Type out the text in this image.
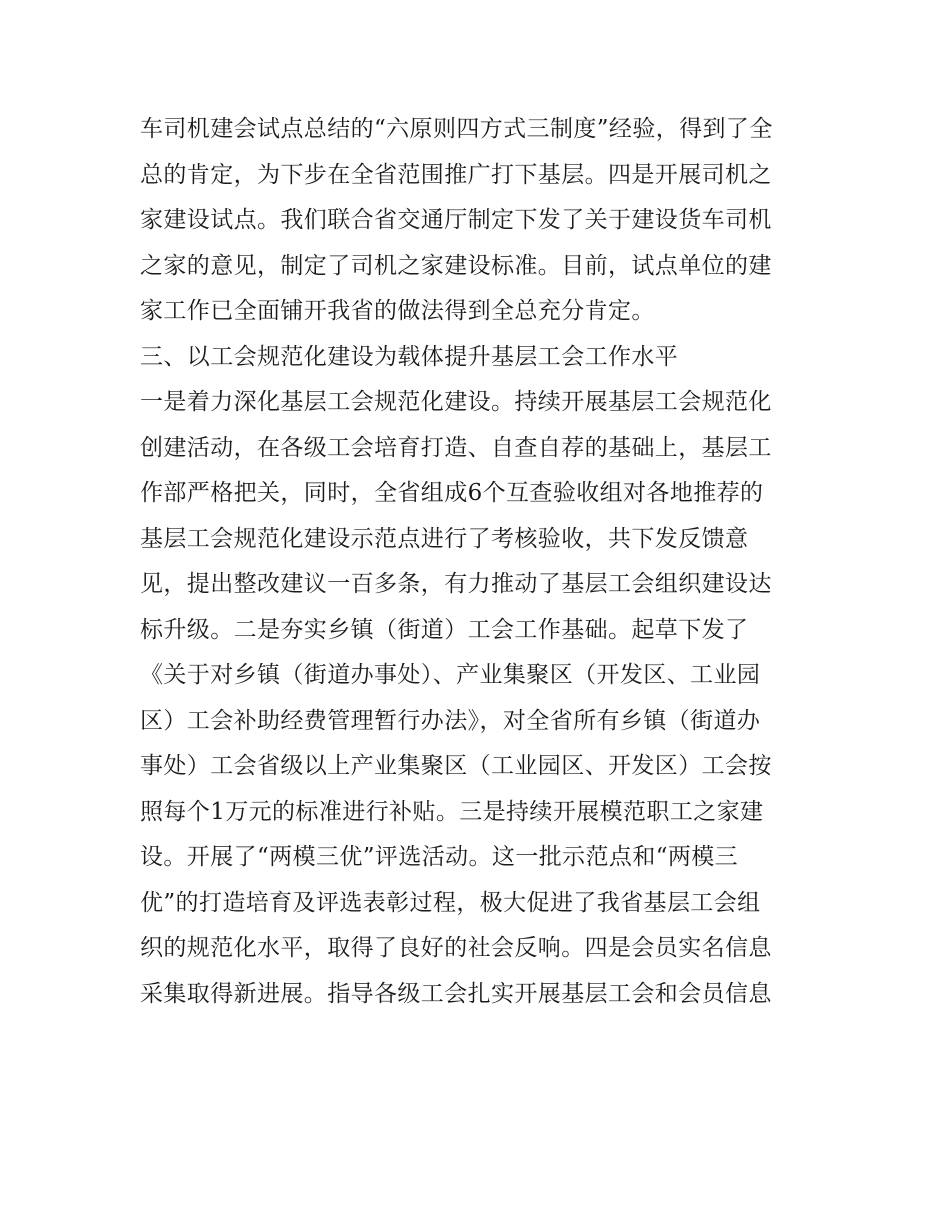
车司机建会试点总结的“六原则四方式三制度”经验，得到了全
总的肯定，为下步在全省范围推广打下基层。四是开展司机之
家建设试点。我们联合省交通厅制定下发了关于建设货车司机
之家的意见，制定了司机之家建设标准。目前，试点单位的建
家工作已全面铺开我省的做法得到全总充分肯定。
三、以工会规范化建设为载体提升基层工会工作水平
一是着力深化基层工会规范化建设。持续开展基层工会规范化
创建活动，在各级工会培育打造、自查自荐的基础上，基层工
作部严格把关，同时，全省组成6个互查验收组对各地推荐的
基层工会规范化建设示范点进行了考核验收，共下发反馈意
见，提出整改建议一百多条，有力推动了基层工会组织建设达
标升级。二是夯实乡镇（街道）工会工作基础。起草下发了
《关于对乡镇（街道办事处）、产业集聚区（开发区、工业园
区）工会补助经费管理暂行办法》，对全省所有乡镇（街道办
事处）工会省级以上产业集聚区（工业园区、开发区）工会按
照每个1万元的标准进行补贴。三是持续开展模范职工之家建
设。开展了“两模三优”评选活动。这一批示范点和“两模三
优”的打造培育及评选表彰过程，极大促进了我省基层工会组
织的规范化水平，取得了良好的社会反响。四是会员实名信息
采集取得新进展。指导各级工会扎实开展基层工会和会员信息
